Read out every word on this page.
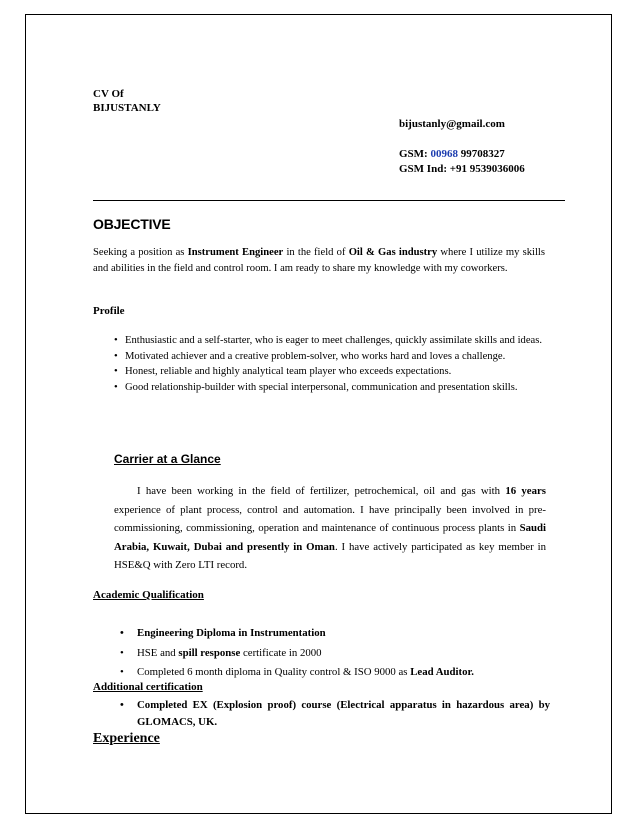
CV Of
BIJUSTANLY
bijustanly@gmail.com
GSM: 00968 99708327
GSM Ind: +91 9539036006
OBJECTIVE
Seeking a position as Instrument Engineer in the field of Oil & Gas industry where I utilize my skills and abilities in the field and control room. I am ready to share my knowledge with my coworkers.
Profile
• Enthusiastic and a self-starter, who is eager to meet challenges, quickly assimilate skills and ideas.
• Motivated achiever and a creative problem-solver, who works hard and loves a challenge.
• Honest, reliable and highly analytical team player who exceeds expectations.
• Good relationship-builder with special interpersonal, communication and presentation skills.
Carrier at a Glance
I have been working in the field of fertilizer, petrochemical, oil and gas with 16 years experience of plant process, control and automation. I have principally been involved in pre-commissioning, commissioning, operation and maintenance of continuous process plants in Saudi Arabia, Kuwait, Dubai and presently in Oman. I have actively participated as key member in HSE&Q with Zero LTI record.
Academic Qualification
• Engineering Diploma in Instrumentation
• HSE and spill response certificate in 2000
• Completed 6 month diploma in Quality control & ISO 9000 as Lead Auditor.
Additional certification
• Completed EX (Explosion proof) course (Electrical apparatus in hazardous area) by GLOMACS, UK.
Experience
